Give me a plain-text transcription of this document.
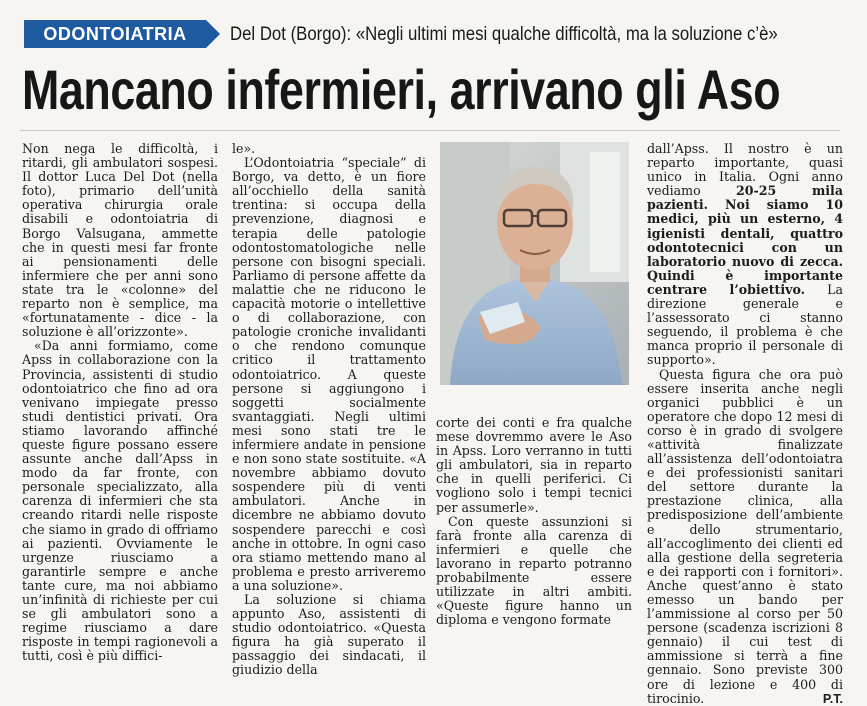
ODONTOIATRIA	Del Dot (Borgo): «Negli ultimi mesi qualche difficoltà, ma la soluzione c’è»
Mancano infermieri, arrivano gli Aso

Non nega le difficoltà, i ritardi, gli ambulatori sospesi. Il dottor Luca Del Dot (nella foto), primario dell’unità operativa chirurgia orale disabili e odontoiatria di Borgo Valsugana, ammette che in questi mesi far fronte ai pensionamenti delle infermiere che per anni sono state tra le «colonne» del reparto non è semplice, ma «fortunatamente - dice - la soluzione è all’orizzonte».

«Da anni formiamo, come Apss in collaborazione con la Provincia, assistenti di studio odontoiatrico che fino ad ora venivano impiegate presso studi dentistici privati. Ora stiamo lavorando affinché queste figure possano essere assunte anche dall’Apss in modo da far fronte, con personale specializzato, alla carenza di infermieri che sta creando ritardi nelle risposte che siamo in grado di offriamo ai pazienti. Ovviamente le urgenze riusciamo a garantirle sempre e anche tante cure, ma noi abbiamo un’infinità di richieste per cui se gli ambulatori sono a regime riusciamo a dare risposte in tempi ragionevoli a tutti, così è più diffici-

le».

L’Odontoiatria “speciale” di Borgo, va detto, è un fiore all’occhiello della sanità trentina: si occupa della prevenzione, diagnosi e terapia delle patologie odontostomatologiche nelle persone con bisogni speciali. Parliamo di persone affette da malattie che ne riducono le capacità motorie o intellettive o di collaborazione, con patologie croniche invalidanti o che rendono comunque critico il trattamento odontoiatrico. A queste persone si aggiungono i soggetti socialmente svantaggiati. Negli ultimi mesi sono stati tre le infermiere andate in pensione e non sono state sostituite. «A novembre abbiamo dovuto sospendere più di venti ambulatori. Anche in dicembre ne abbiamo dovuto sospendere parecchi e così anche in ottobre. In ogni caso ora stiamo mettendo mano al problema e presto arriveremo a una soluzione».

La soluzione si chiama appunto Aso, assistenti di studio odontoiatrico. «Questa figura ha già superato il passaggio dei sindacati, il giudizio della

corte dei conti e fra qualche mese dovremmo avere le Aso in Apss. Loro verranno in tutti gli ambulatori, sia in reparto che in quelli periferici. Ci vogliono solo i tempi tecnici per assumerle».

Con queste assunzioni si farà fronte alla carenza di infermieri e quelle che lavorano in reparto potranno probabilmente essere utilizzate in altri ambiti. «Queste figure hanno un diploma e vengono formate

dall’Apss. Il nostro è un reparto importante, quasi unico in Italia. Ogni anno vediamo	20-25 mila pazienti. Noi siamo 10 medici, più un esterno, 4 igienisti dentali, quattro odontotecnici con un laboratorio nuovo di zecca. Quindi è importante centrare l’obiettivo. La direzione generale e l’assessorato ci stanno seguendo, il problema è che manca proprio il personale di supporto».

Questa figura che ora può essere inserita anche negli organici pubblici è un operatore che dopo 12 mesi di corso è in grado di svolgere «attività finalizzate all’assistenza dell’odontoiatra e dei professionisti sanitari del settore durante la prestazione clinica, alla predisposizione dell’ambiente e dello strumentario, all’accoglimento dei clienti ed alla gestione della segreteria e dei rapporti con i fornitori». Anche quest’anno è stato emesso un bando per l’ammissione al corso per 50 persone (scadenza iscrizioni 8 gennaio) il cui test di ammissione si terrà a fine gennaio. Sono previste 300 ore di lezione e 400 di tirocinio.	P.T.
